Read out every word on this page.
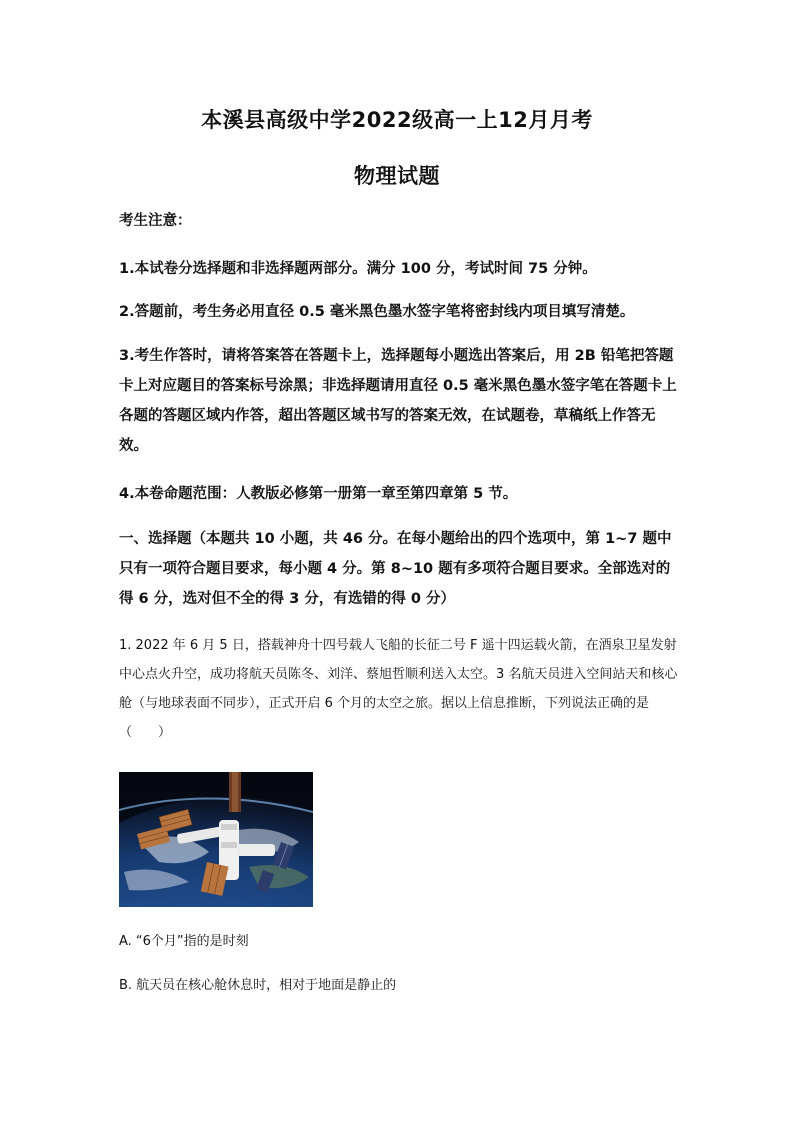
本溪县高级中学2022级高一上12月月考
物理试题
考生注意：

1.本试卷分选择题和非选择题两部分。满分 100 分，考试时间 75 分钟。

2.答题前，考生务必用直径 0.5 毫米黑色墨水签字笔将密封线内项目填写清楚。

3.考生作答时，请将答案答在答题卡上，选择题每小题选出答案后，用 2B 铅笔把答题卡上对应题目的答案标号涂黑；非选择题请用直径 0.5 毫米黑色墨水签字笔在答题卡上各题的答题区域内作答，超出答题区域书写的答案无效，在试题卷，草稿纸上作答无效。

4.本卷命题范围：人教版必修第一册第一章至第四章第 5 节。

一、选择题（本题共 10 小题，共 46 分。在每小题给出的四个选项中，第 1~7 题中只有一项符合题目要求，每小题 4 分。第 8~10 题有多项符合题目要求。全部选对的得 6 分，选对但不全的得 3 分，有选错的得 0 分）

1. 2022 年 6 月 5 日，搭载神舟十四号载人飞船的长征二号 F 遥十四运载火箭，在酒泉卫星发射中心点火升空，成功将航天员陈冬、刘洋、蔡旭哲顺利送入太空。3 名航天员进入空间站天和核心舱（与地球表面不同步），正式开启 6 个月的太空之旅。据以上信息推断，下列说法正确的是（　　）

A. “6个月”指的是时刻

B. 航天员在核心舱休息时，相对于地面是静止的
